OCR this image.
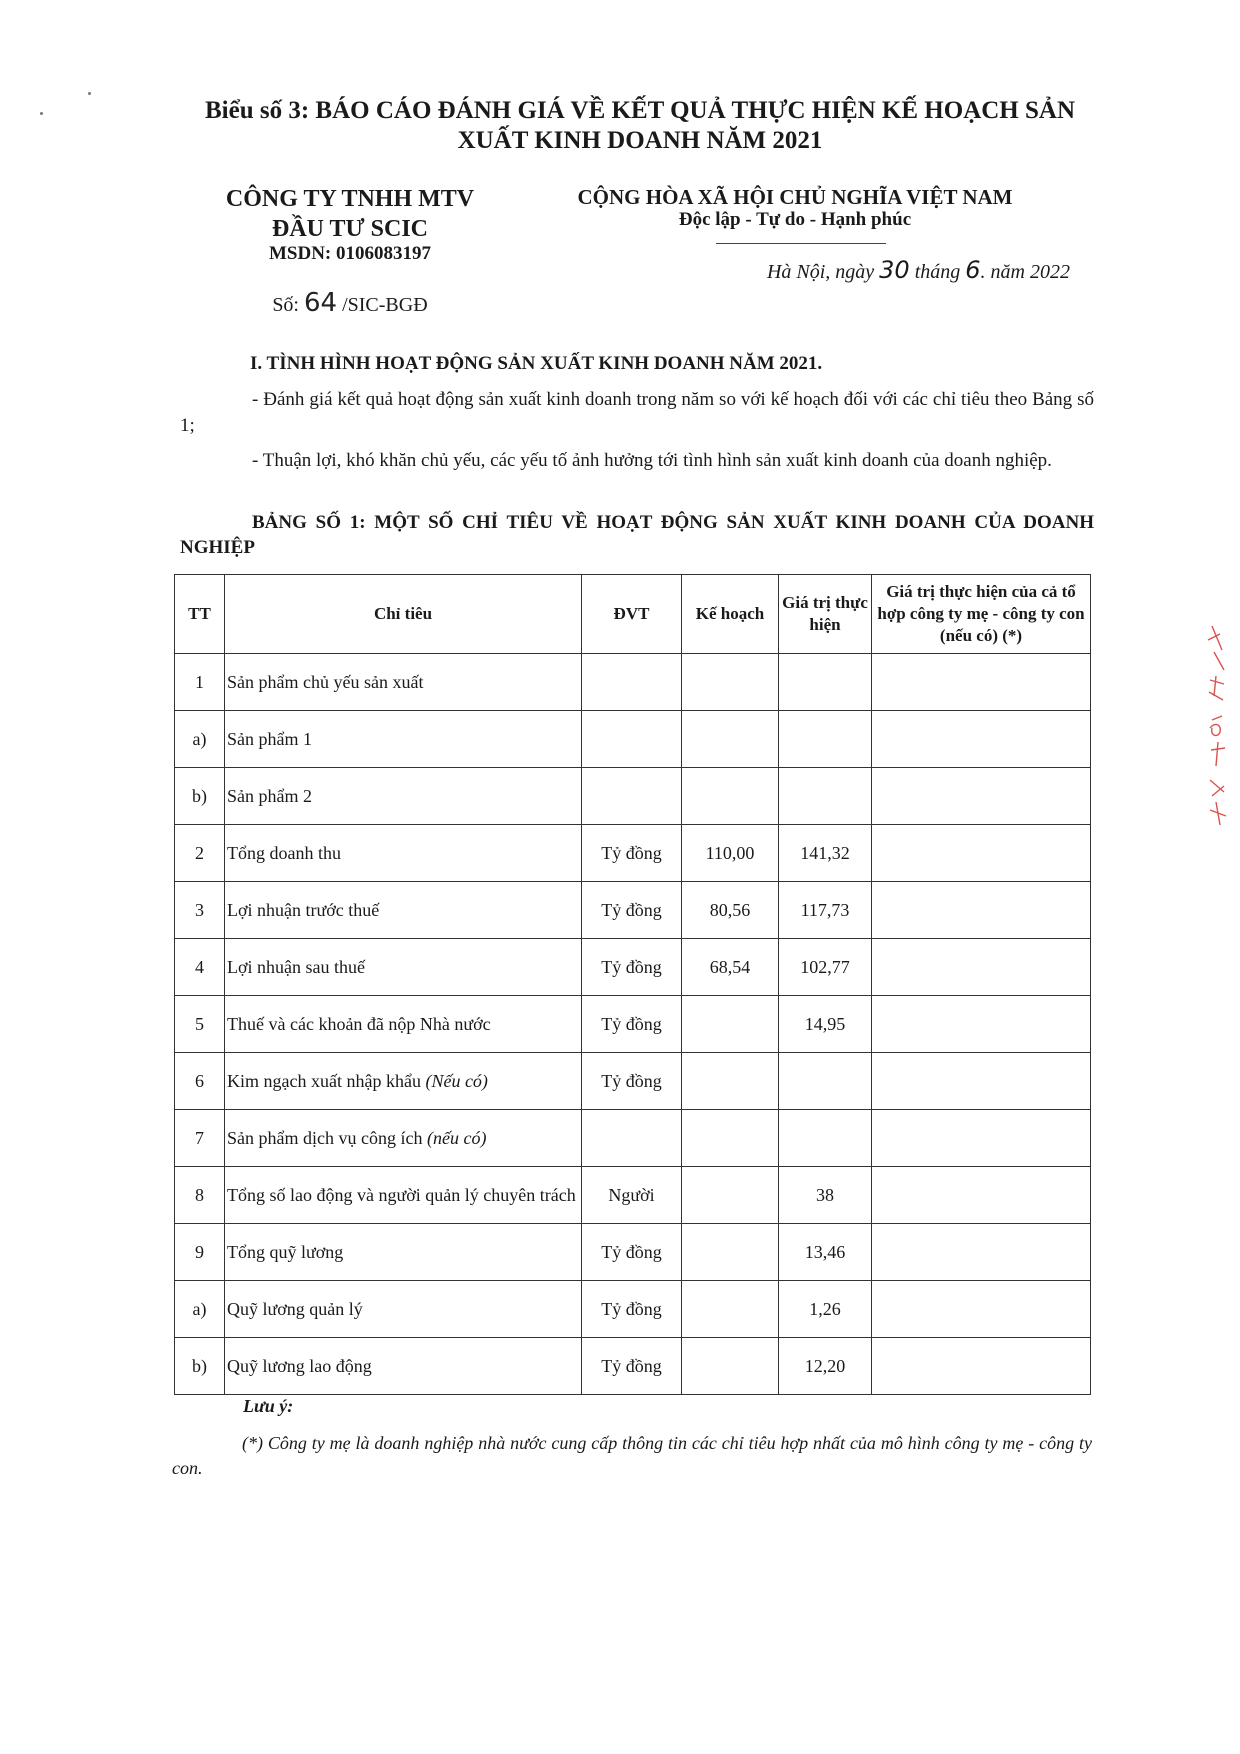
Biểu số 3: BÁO CÁO ĐÁNH GIÁ VỀ KẾT QUẢ THỰC HIỆN KẾ HOẠCH SẢN
XUẤT KINH DOANH NĂM 2021
CÔNG TY TNHH MTV
ĐẦU TƯ SCIC
MSDN: 0106083197
Số: 64 /SIC-BGĐ
CỘNG HÒA XÃ HỘI CHỦ NGHĨA VIỆT NAM
Độc lập - Tự do - Hạnh phúc
Hà Nội, ngày 30 tháng 6. năm 2022
I. TÌNH HÌNH HOẠT ĐỘNG SẢN XUẤT KINH DOANH NĂM 2021.
- Đánh giá kết quả hoạt động sản xuất kinh doanh trong năm so với kế hoạch đối với các chỉ tiêu theo Bảng số 1;
- Thuận lợi, khó khăn chủ yếu, các yếu tố ảnh hưởng tới tình hình sản xuất kinh doanh của doanh nghiệp.
BẢNG SỐ 1: MỘT SỐ CHỈ TIÊU VỀ HOẠT ĐỘNG SẢN XUẤT KINH DOANH CỦA DOANH NGHIỆP
TT	Chỉ tiêu	ĐVT	Kế hoạch	Giá trị thực hiện	Giá trị thực hiện của cả tổ hợp công ty mẹ - công ty con (nếu có) (*)
1	Sản phẩm chủ yếu sản xuất				
a)	Sản phẩm 1				
b)	Sản phẩm 2				
2	Tổng doanh thu	Tỷ đồng	110,00	141,32	
3	Lợi nhuận trước thuế	Tỷ đồng	80,56	117,73	
4	Lợi nhuận sau thuế	Tỷ đồng	68,54	102,77	
5	Thuế và các khoản đã nộp Nhà nước	Tỷ đồng		14,95	
6	Kim ngạch xuất nhập khẩu (Nếu có)	Tỷ đồng			
7	Sản phẩm dịch vụ công ích (nếu có)				
8	Tổng số lao động và người quản lý chuyên trách	Người		38	
9	Tổng quỹ lương	Tỷ đồng		13,46	
a)	Quỹ lương quản lý	Tỷ đồng		1,26	
b)	Quỹ lương lao động	Tỷ đồng		12,20	
Lưu ý:
(*) Công ty mẹ là doanh nghiệp nhà nước cung cấp thông tin các chỉ tiêu hợp nhất của mô hình công ty mẹ - công ty con.
